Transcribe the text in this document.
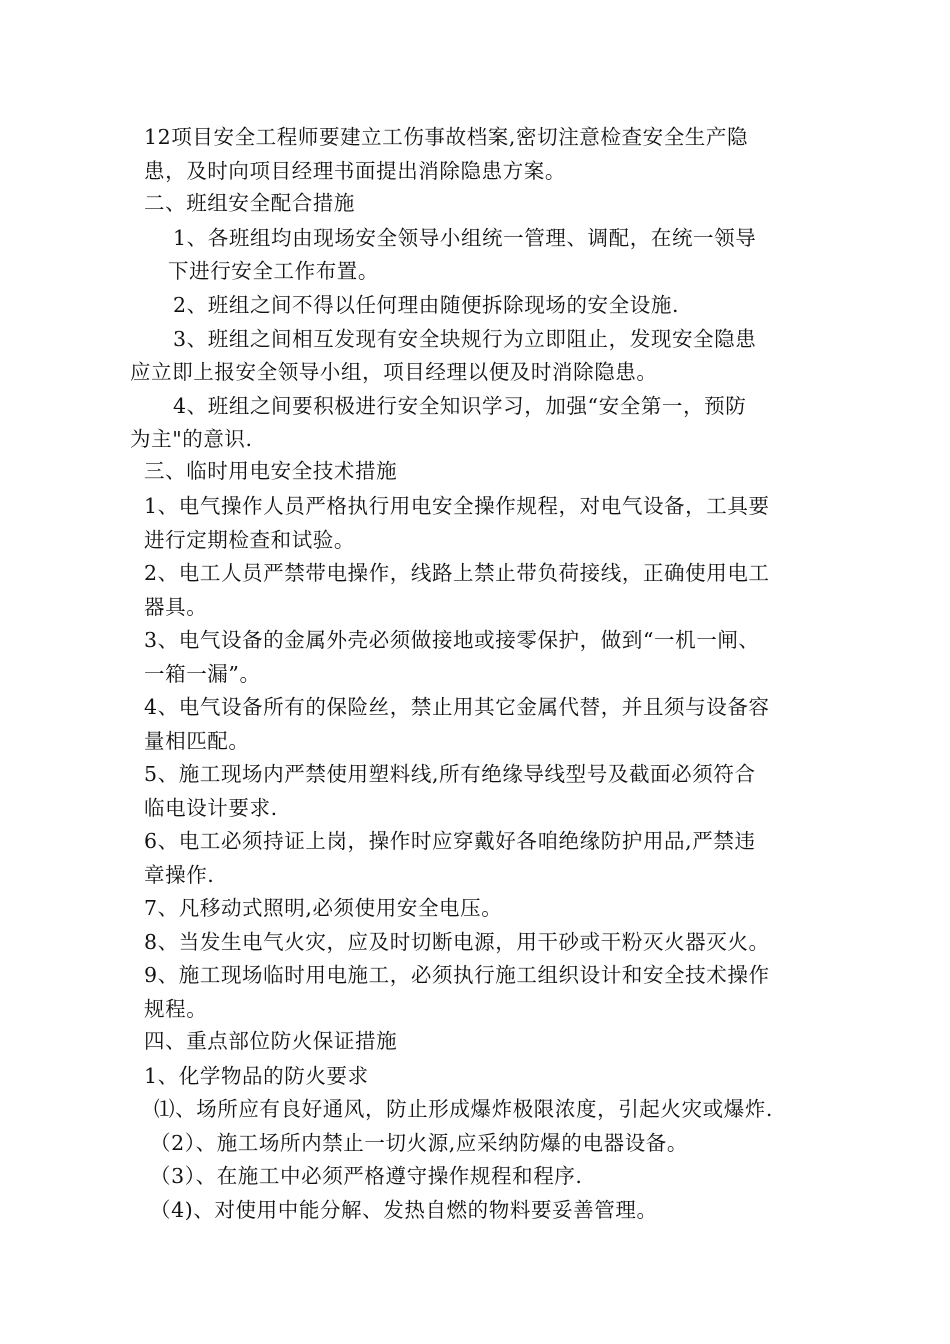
12项目安全工程师要建立工伤事故档案,密切注意检查安全生产隐
患，及时向项目经理书面提出消除隐患方案。
二、班组安全配合措施
1、各班组均由现场安全领导小组统一管理、调配，在统一领导
下进行安全工作布置。
2、班组之间不得以任何理由随便拆除现场的安全设施.
3、班组之间相互发现有安全块规行为立即阻止，发现安全隐患
应立即上报安全领导小组，项目经理以便及时消除隐患。
4、班组之间要积极进行安全知识学习，加强“安全第一，预防
为主"的意识.
三、临时用电安全技术措施
1、电气操作人员严格执行用电安全操作规程，对电气设备，工具要
进行定期检查和试验。
2、电工人员严禁带电操作，线路上禁止带负荷接线，正确使用电工
器具。
3、电气设备的金属外壳必须做接地或接零保护，做到“一机一闸、
一箱一漏”。
4、电气设备所有的保险丝，禁止用其它金属代替，并且须与设备容
量相匹配。
5、施工现场内严禁使用塑料线,所有绝缘导线型号及截面必须符合
临电设计要求.
6、电工必须持证上岗，操作时应穿戴好各咱绝缘防护用品,严禁违
章操作.
7、凡移动式照明,必须使用安全电压。
8、当发生电气火灾，应及时切断电源，用干砂或干粉灭火器灭火。
9、施工现场临时用电施工，必须执行施工组织设计和安全技术操作
规程。
四、重点部位防火保证措施
1、化学物品的防火要求
⑴、场所应有良好通风，防止形成爆炸极限浓度，引起火灾或爆炸.
（2）、施工场所内禁止一切火源,应采纳防爆的电器设备。
（3）、在施工中必须严格遵守操作规程和程序.
（4)、对使用中能分解、发热自燃的物料要妥善管理。
